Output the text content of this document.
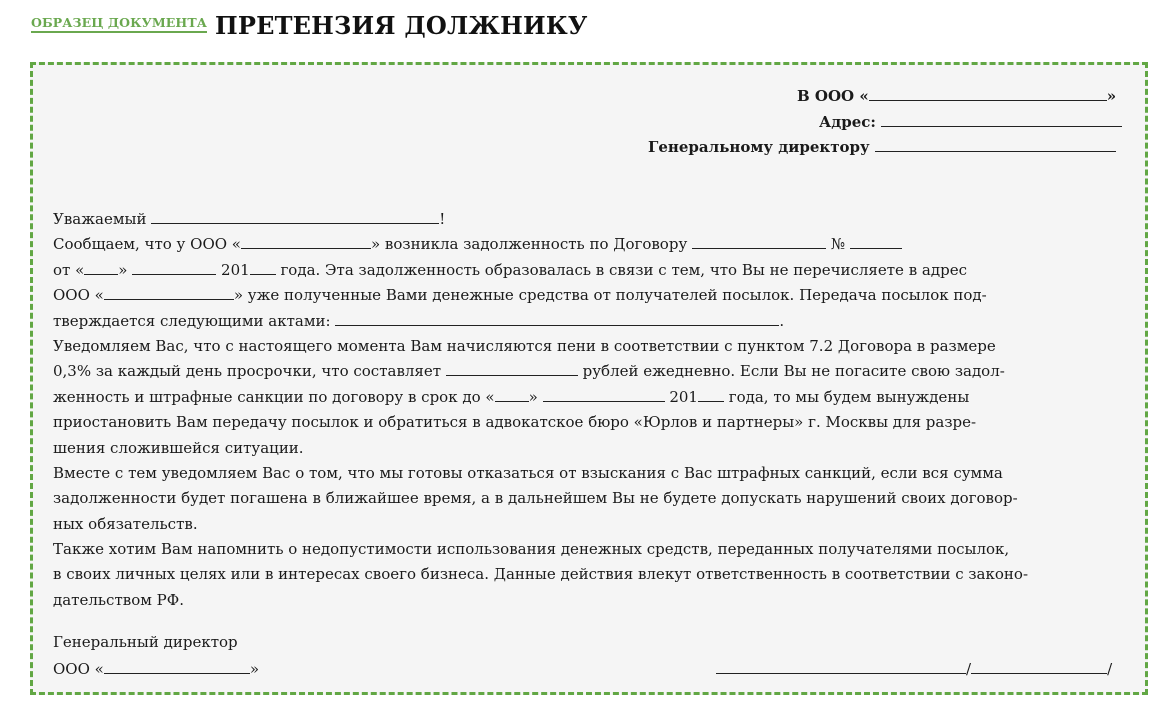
ОБРАЗЕЦ ДОКУМЕНТА ПРЕТЕНЗИЯ ДОЛЖНИКУ
В ООО «	»
Адрес:
Генеральному директору
Уважаемый	!
Сообщаем, что у ООО «	» возникла задолженность по Договору	№
от « »	201 года. Эта задолженность образовалась в связи с тем, что Вы не перечисляете в адрес
ООО «	» уже полученные Вами денежные средства от получателей посылок. Передача посылок под-
тверждается следующими актами:	.
Уведомляем Вас, что с настоящего момента Вам начисляются пени в соответствии с пунктом 7.2 Договора в размере
0,3% за каждый день просрочки, что составляет	рублей ежедневно. Если Вы не погасите свою задол-
женность и штрафные санкции по договору в срок до « »	201 года, то мы будем вынуждены
приостановить Вам передачу посылок и обратиться в адвокатское бюро «Юрлов и партнеры» г. Москвы для разре-
шения сложившейся ситуации.
Вместе с тем уведомляем Вас о том, что мы готовы отказаться от взыскания с Вас штрафных санкций, если вся сумма
задолженности будет погашена в ближайшее время, а в дальнейшем Вы не будете допускать нарушений своих договор-
ных обязательств.
Также хотим Вам напомнить о недопустимости использования денежных средств, переданных получателями посылок,
в своих личных целях или в интересах своего бизнеса. Данные действия влекут ответственность в соответствии с законо-
дательством РФ.
Генеральный директор
ООО «	»	/	/
